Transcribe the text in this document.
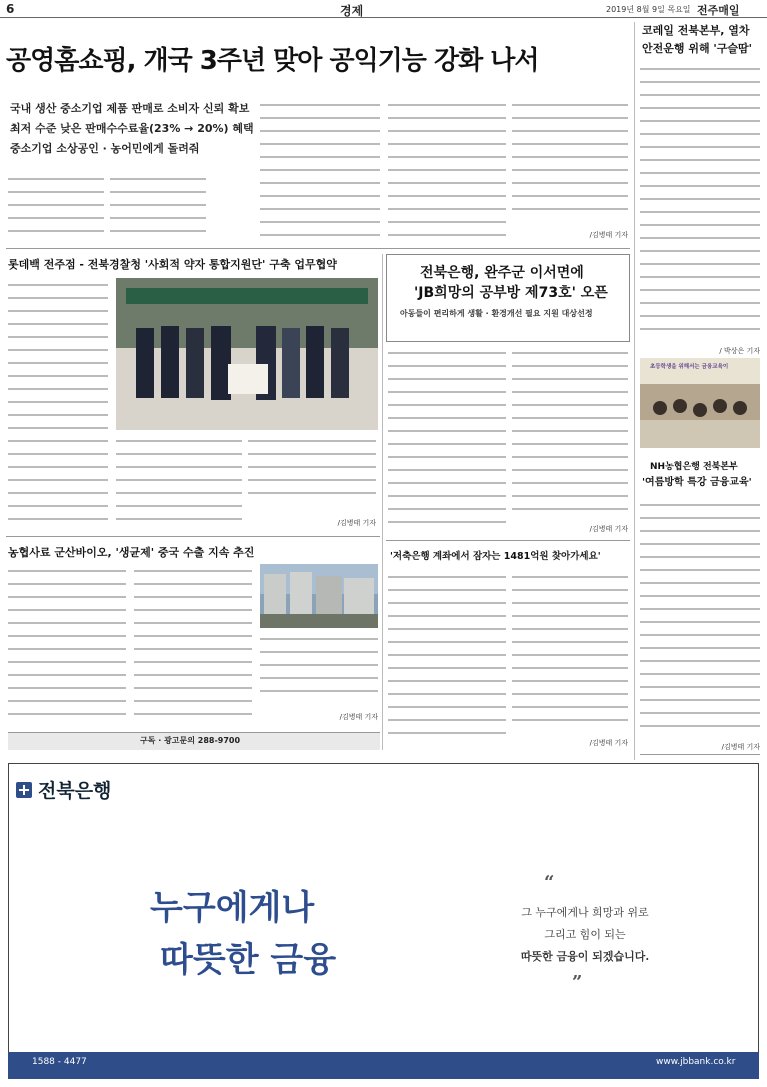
6	경제	2019년 8월 9일 목요일 전주매일
공영홈쇼핑, 개국 3주년 맞아 공익기능 강화 나서
국내 생산 중소기업 제품 판매로 소비자 신뢰 확보
최저 수준 낮은 판매수수료율(23% → 20%) 혜택
중소기업 소상공인 · 농어민에게 돌려줘
/김병태 기자
롯데백 전주점 - 전북경찰청 '사회적 약자 통합지원단' 구축 업무협약
/김병태 기자
농협사료 군산바이오, '생균제' 중국 수출 지속 추진
/김병태 기자
구독 · 광고문의 288-9700
전북은행, 완주군 이서면에
'JB희망의 공부방 제73호' 오픈
아동들이 편리하게 생활 · 환경개선 필요 지원 대상선정
/김병태 기자
'저축은행 계좌에서 잠자는 1481억원 찾아가세요'
/김병태 기자
코레일 전북본부, 열차
안전운행 위해 '구슬땀'
/ 박상은 기자
초등학생을 위해서는 금융교육이
NH농협은행 전북본부
'여름방학 특강 금융교육'
/김병태 기자
전북은행
누구에게나
따뜻한 금융
“
그 누구에게나 희망과 위로
그리고 힘이 되는
따뜻한 금융이 되겠습니다.
”
1588 - 4477	www.jbbank.co.kr
